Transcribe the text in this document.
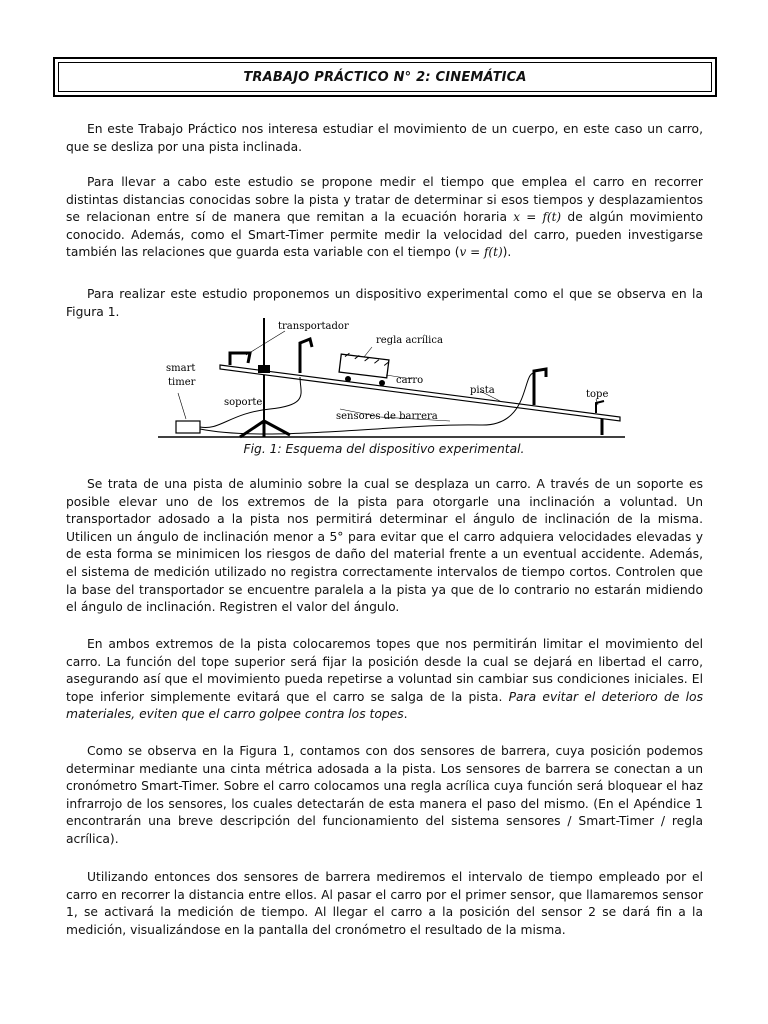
TRABAJO PRÁCTICO N° 2: CINEMÁTICA

En este Trabajo Práctico nos interesa estudiar el movimiento de un cuerpo, en este caso un carro, que se desliza por una pista inclinada.

Para llevar a cabo este estudio se propone medir el tiempo que emplea el carro en recorrer distintas distancias conocidas sobre la pista y tratar de determinar si esos tiempos y desplazamientos se relacionan entre sí de manera que remitan a la ecuación horaria x = f(t) de algún movimiento conocido. Además, como el Smart-Timer permite medir la velocidad del carro, pueden investigarse también las relaciones que guarda esta variable con el tiempo (v = f(t)).

Para realizar este estudio proponemos un dispositivo experimental como el que se observa en la Figura 1.

transportador
regla acrílica
smart
timer	carro
pista
soporte
tope
sensores de barrera
Fig. 1: Esquema del dispositivo experimental.

Se trata de una pista de aluminio sobre la cual se desplaza un carro. A través de un soporte es posible elevar uno de los extremos de la pista para otorgarle una inclinación a voluntad. Un transportador adosado a la pista nos permitirá determinar el ángulo de inclinación de la misma. Utilicen un ángulo de inclinación menor a 5° para evitar que el carro adquiera velocidades elevadas y de esta forma se minimicen los riesgos de daño del material frente a un eventual accidente. Además, el sistema de medición utilizado no registra correctamente intervalos de tiempo cortos. Controlen que la base del transportador se encuentre paralela a la pista ya que de lo contrario no estarán midiendo el ángulo de inclinación. Registren el valor del ángulo.

En ambos extremos de la pista colocaremos topes que nos permitirán limitar el movimiento del carro. La función del tope superior será fijar la posición desde la cual se dejará en libertad el carro, asegurando así que el movimiento pueda repetirse a voluntad sin cambiar sus condiciones iniciales. El tope inferior simplemente evitará que el carro se salga de la pista. Para evitar el deterioro de los materiales, eviten que el carro golpee contra los topes.

Como se observa en la Figura 1, contamos con dos sensores de barrera, cuya posición podemos determinar mediante una cinta métrica adosada a la pista. Los sensores de barrera se conectan a un cronómetro Smart-Timer. Sobre el carro colocamos una regla acrílica cuya función será bloquear el haz infrarrojo de los sensores, los cuales detectarán de esta manera el paso del mismo. (En el Apéndice 1 encontrarán una breve descripción del funcionamiento del sistema sensores / Smart-Timer / regla acrílica).

Utilizando entonces dos sensores de barrera mediremos el intervalo de tiempo empleado por el carro en recorrer la distancia entre ellos. Al pasar el carro por el primer sensor, que llamaremos sensor 1, se activará la medición de tiempo. Al llegar el carro a la posición del sensor 2 se dará fin a la medición, visualizándose en la pantalla del cronómetro el resultado de la misma.
